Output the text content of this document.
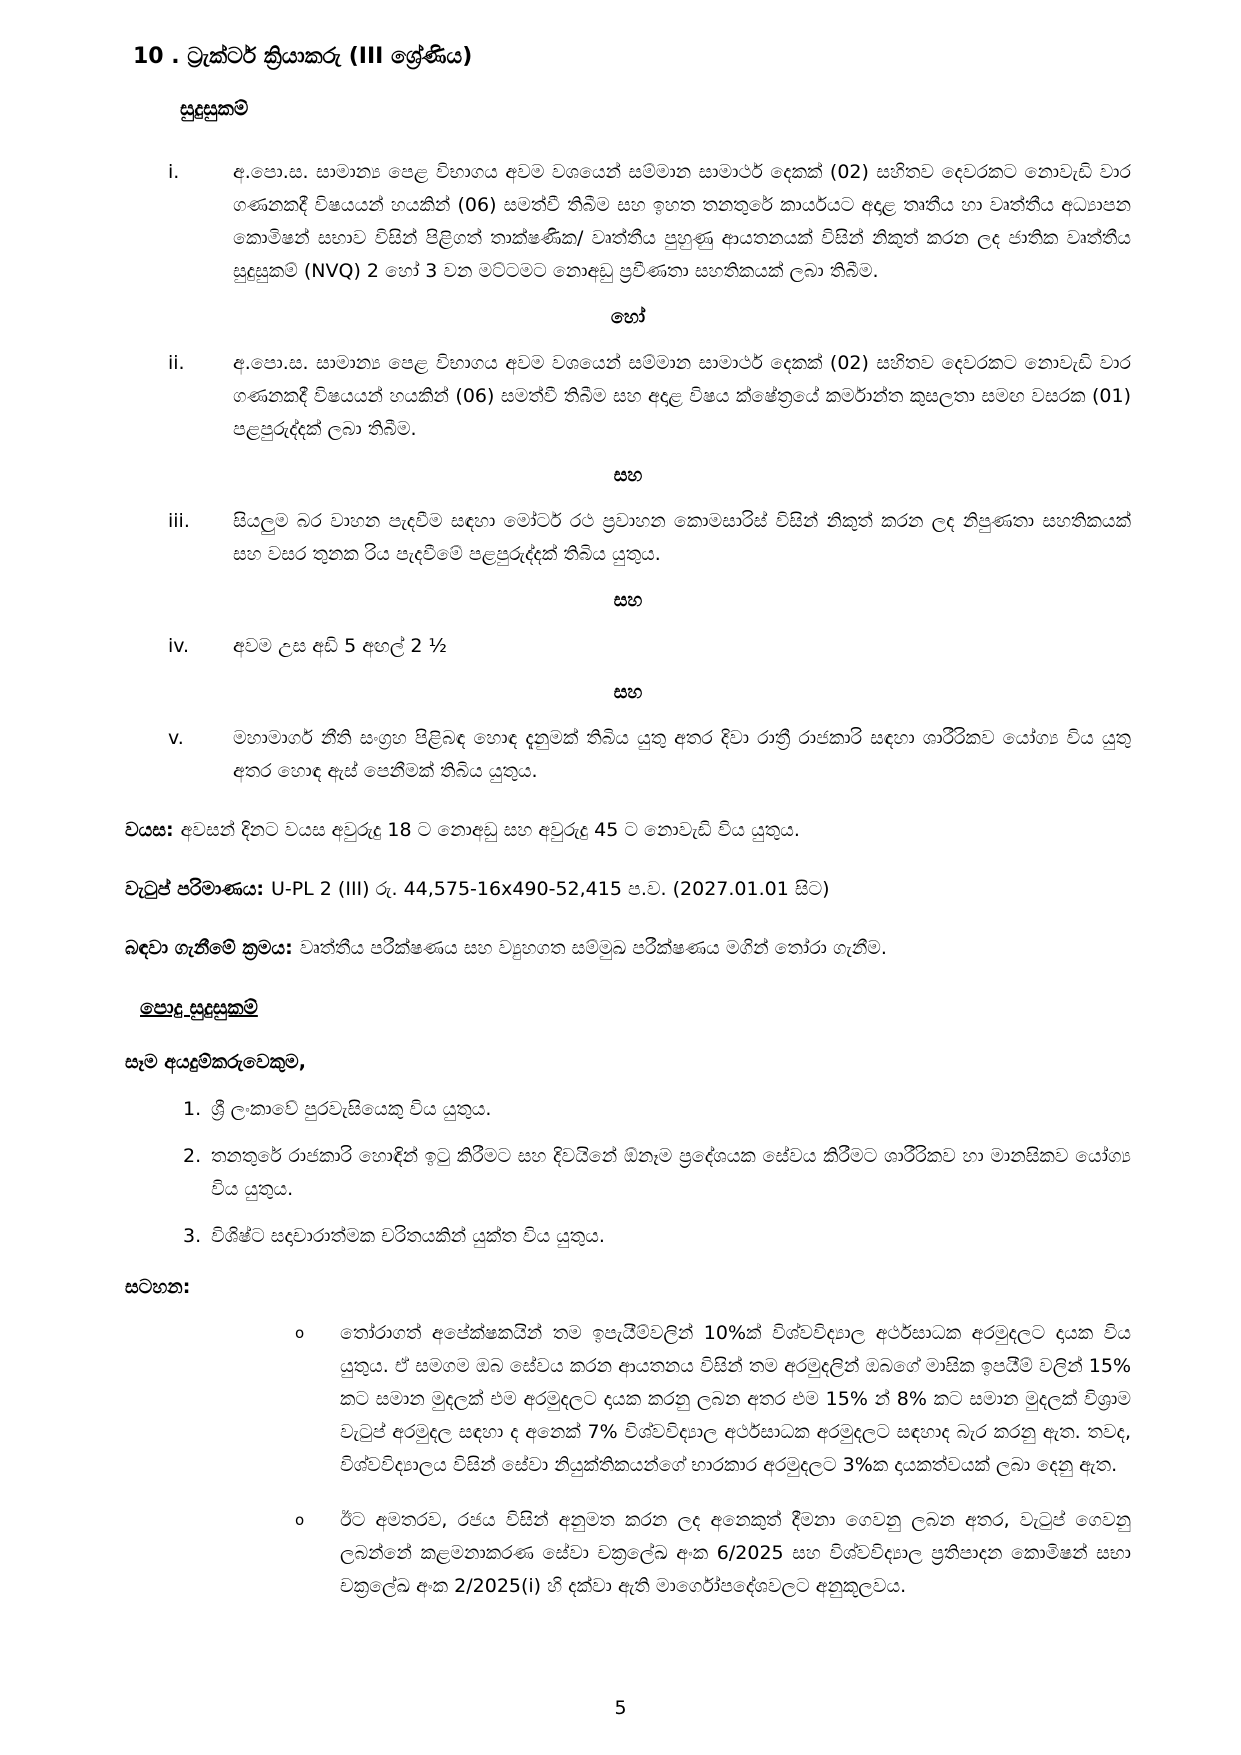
10 . ට්‍රැක්ටර් ක්‍රියාකරු (III ශ්‍රේණිය)
සුදුසුකම්
i.	අ.පො.ස. සාමාන්‍ය පෙළ විභාගය අවම වශයෙන් සම්මාන සාමාර්ථ දෙකක් (02) සහිතව දෙවරකට නොවැඩි වාර ගණනකදී විෂයයන් හයකින් (06) සමත්වී තිබීම සහ ඉහත තනතුරේ කාර්යයට අදාළ තෘතීය හා වෘත්තීය අධ්‍යාපන කොමිෂන් සභාව විසින් පිළිගත් තාක්ෂණික/ වෘත්තීය පුහුණු ආයතනයක් විසින් නිකුත් කරන ලද ජාතික වෘත්තීය සුදුසුකම් (NVQ) 2 හෝ 3 වන මට්ටමට නොඅඩු ප්‍රවීණතා සහතිකයක් ලබා තිබීම.
හෝ
ii.	අ.පො.ස. සාමාන්‍ය පෙළ විභාගය අවම වශයෙන් සම්මාන සාමාර්ථ දෙකක් (02) සහිතව දෙවරකට නොවැඩි වාර ගණනකදී විෂයයන් හයකින් (06) සමත්වී තිබීම සහ අදාළ විෂය ක්ෂේත්‍රයේ කර්මාන්ත කුසලතා සමඟ වසරක (01) පළපුරුද්දක් ලබා තිබීම.
සහ
iii.	සියලුම බර වාහන පැදවීම සඳහා මෝටර් රථ ප්‍රවාහන කොමසාරිස් විසින් නිකුත් කරන ලද නිපුණතා සහතිකයක් සහ වසර තුනක රිය පැදවීමේ පළපුරුද්දක් තිබිය යුතුය.
සහ
iv.	අවම උස අඩි 5 අඟල් 2 ½
සහ
v.	මහාමාර්ග නීති සංග්‍රහ පිළිබඳ හොඳ දැනුමක් තිබිය යුතු අතර දිවා රාත්‍රී රාජකාරි සඳහා ශාරීරිකව යෝග්‍ය විය යුතු අතර හොඳ ඇස් පෙනීමක් තිබිය යුතුය.

වයස: අවසන් දිනට වයස අවුරුදු 18 ට නොඅඩු සහ අවුරුදු 45 ට නොවැඩි විය යුතුය.

වැටුප් පරිමාණය: U-PL 2 (III) රු. 44,575-16x490-52,415 ප.ව. (2027.01.01 සිට)

බඳවා ගැනීමේ ක්‍රමය: වෘත්තීය පරීක්ෂණය සහ ව්‍යුහගත සම්මුඛ පරීක්ෂණය මගින් තෝරා ගැනීම.

පොදු සුදුසුකම්
සෑම අයදුම්කරුවෙකුම,
1. ශ්‍රී ලංකාවේ පුරවැසියෙකු විය යුතුය.
2. තනතුරේ රාජකාරි හොඳින් ඉටු කිරීමට සහ දිවයිනේ ඕනෑම ප්‍රදේශයක සේවය කිරීමට ශාරීරිකව හා මානසිකව යෝග්‍ය විය යුතුය.
3. විශිෂ්ට සදාචාරාත්මක චරිතයකින් යුක්ත විය යුතුය.
සටහන:
o	තෝරාගත් අපේක්ෂකයින් තම ඉපැයීම්වලින් 10%ක් විශ්වවිද්‍යාල අර්ථසාධක අරමුදලට දායක විය යුතුය. ඒ සමගම ඔබ සේවය කරන ආයතනය විසින් තම අරමුදලින් ඔබගේ මාසික ඉපයීම් වලින් 15% කට සමාන මුදලක් එම අරමුදලට දායක කරනු ලබන අතර එම 15% න් 8% කට සමාන මුදලක් විශ්‍රාම වැටුප් අරමුදල සඳහා ද අනෙක් 7% විශ්වවිද්‍යාල අර්ථසාධක අරමුදලට සඳහාද බැර කරනු ඇත. තවද, විශ්වවිද්‍යාලය විසින් සේවා නියුක්තිකයන්ගේ භාරකාර අරමුදලට 3%ක දායකත්වයක් ලබා දෙනු ඇත.
o	ඊට අමතරව, රජය විසින් අනුමත කරන ලද අනෙකුත් දීමනා ගෙවනු ලබන අතර, වැටුප් ගෙවනු ලබන්නේ කළමනාකරණ සේවා චක්‍රලේඛ අංක 6/2025 සහ විශ්වවිද්‍යාල ප්‍රතිපාදන කොමිෂන් සභා චක්‍රලේඛ අංක 2/2025(i) හි දක්වා ඇති මාර්ගෝපදේශවලට අනුකූලවය.
5
